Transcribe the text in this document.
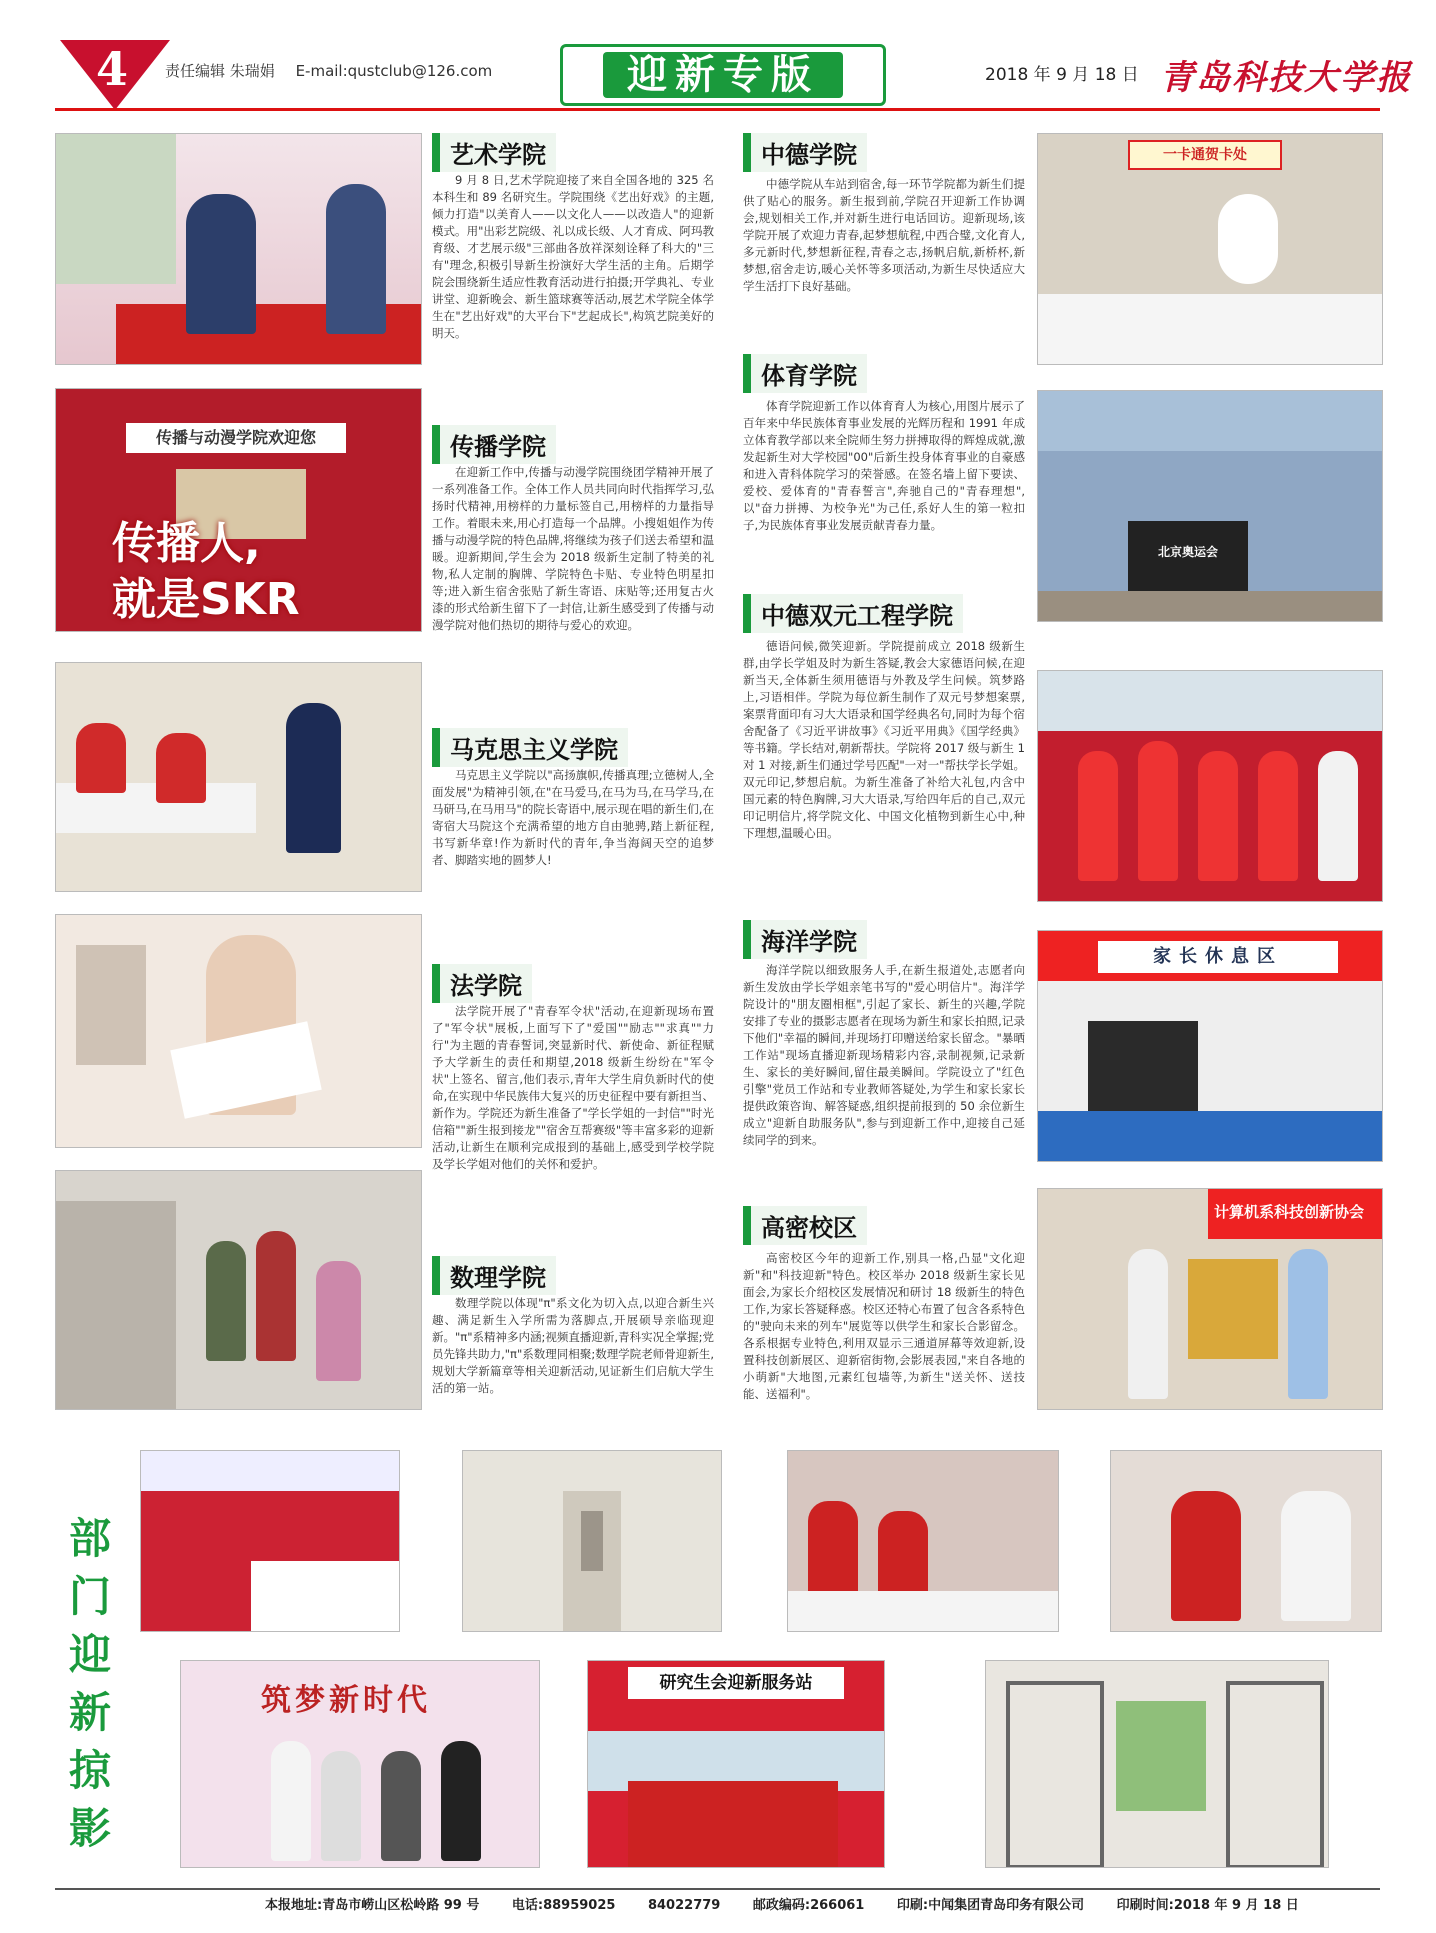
4 责任编辑 朱瑞娟 E-mail:qustclub@126.com	迎新专版	2018 年 9 月 18 日 青岛科技大学报
传播与动漫学院欢迎您
传播人,
就是SKR
一卡通贺卡处
北京奥运会
家长休息区
计算机系科技创新协会
艺术学院
9 月 8 日,艺术学院迎接了来自全国各地的 325 名本科生和 89 名研究生。学院围绕《艺出好戏》的主题,倾力打造"以美育人——以文化人——以改造人"的迎新模式。用"出彩艺院级、礼以成长级、人才育成、阿玛教育级、才艺展示级"三部曲各放祥深刻诠释了科大的"三有"理念,积极引导新生扮演好大学生活的主角。后期学院会围绕新生适应性教育活动进行拍摄;开学典礼、专业讲堂、迎新晚会、新生篮球赛等活动,展艺术学院全体学生在"艺出好戏"的大平台下"艺起成长",构筑艺院美好的明天。
传播学院
在迎新工作中,传播与动漫学院围绕团学精神开展了一系列准备工作。全体工作人员共同向时代指挥学习,弘扬时代精神,用榜样的力量标签自己,用榜样的力量指导工作。着眼未来,用心打造每一个品牌。小搜姐姐作为传播与动漫学院的特色品牌,将继续为孩子们送去希望和温暖。迎新期间,学生会为 2018 级新生定制了特美的礼物,私人定制的胸牌、学院特色卡贴、专业特色明星扣等;进入新生宿舍张贴了新生寄语、床贴等;还用复古火漆的形式给新生留下了一封信,让新生感受到了传播与动漫学院对他们热切的期待与爱心的欢迎。
马克思主义学院
马克思主义学院以"高扬旗帜,传播真理;立德树人,全面发展"为精神引领,在"在马爱马,在马为马,在马学马,在马研马,在马用马"的院长寄语中,展示现在唱的新生们,在寄宿大马院这个充满希望的地方自由驰骋,踏上新征程,书写新华章!作为新时代的青年,争当海阔天空的追梦者、脚踏实地的圆梦人!
法学院
法学院开展了"青春军令状"活动,在迎新现场布置了"军令状"展板,上面写下了"爱国""励志""求真""力行"为主题的青春誓词,突显新时代、新使命、新征程赋予大学新生的责任和期望,2018 级新生纷纷在"军令状"上签名、留言,他们表示,青年大学生肩负新时代的使命,在实现中华民族伟大复兴的历史征程中要有新担当、新作为。学院还为新生准备了"学长学姐的一封信""时光信箱""新生报到接龙""宿舍互帮赛级"等丰富多彩的迎新活动,让新生在顺利完成报到的基础上,感受到学校学院及学长学姐对他们的关怀和爱护。
数理学院
数理学院以体现"π"系文化为切入点,以迎合新生兴趣、满足新生入学所需为落脚点,开展硕导亲临现迎新。"π"系精神多内涵;视频直播迎新,青科实况全掌握;党员先锋共助力,"π"系数理同相聚;数理学院老师骨迎新生,规划大学新篇章等相关迎新活动,见证新生们启航大学生活的第一站。
中德学院
中德学院从车站到宿舍,每一环节学院都为新生们提供了贴心的服务。新生报到前,学院召开迎新工作协调会,规划相关工作,并对新生进行电话回访。迎新现场,该学院开展了欢迎力青春,起梦想航程,中西合璧,文化育人,多元新时代,梦想新征程,青春之志,扬帆启航,新桥杯,新梦想,宿舍走访,暖心关怀等多项活动,为新生尽快适应大学生活打下良好基础。
体育学院
体育学院迎新工作以体育育人为核心,用图片展示了百年来中华民族体育事业发展的光辉历程和 1991 年成立体育教学部以来全院师生努力拼搏取得的辉煌成就,激发起新生对大学校园"00"后新生投身体育事业的自豪感和进入青科体院学习的荣誉感。在签名墙上留下要读、爱校、爱体育的"青春誓言",奔驰自己的"青春理想",以"奋力拼搏、为校争光"为己任,系好人生的第一粒扣子,为民族体育事业发展贡献青春力量。
中德双元工程学院
德语问候,微笑迎新。学院提前成立 2018 级新生群,由学长学姐及时为新生答疑,教会大家德语问候,在迎新当天,全体新生须用德语与外教及学生问候。筑梦路上,习语相伴。学院为每位新生制作了双元号梦想案票,案票背面印有习大大语录和国学经典名句,同时为每个宿舍配备了《习近平讲故事》《习近平用典》《国学经典》等书籍。学长结对,朝新帮扶。学院将 2017 级与新生 1 对 1 对接,新生们通过学号匹配"一对一"帮扶学长学姐。双元印记,梦想启航。为新生准备了补给大礼包,内含中国元素的特色胸牌,习大大语录,写给四年后的自己,双元印记明信片,将学院文化、中国文化植物到新生心中,种下理想,温暖心田。
海洋学院
海洋学院以细致服务人手,在新生报道处,志愿者向新生发放由学长学姐亲笔书写的"爱心明信片"。海洋学院设计的"朋友圈相框",引起了家长、新生的兴趣,学院安排了专业的摄影志愿者在现场为新生和家长拍照,记录下他们"幸福的瞬间,并现场打印赠送给家长留念。"暴晒工作站"现场直播迎新现场精彩内容,录制视频,记录新生、家长的美好瞬间,留住最美瞬间。学院设立了"红色引擎"党员工作站和专业教师答疑处,为学生和家长家长提供政策咨询、解答疑惑,组织提前报到的 50 余位新生成立"迎新自助服务队",参与到迎新工作中,迎接自己延续同学的到来。
高密校区
高密校区今年的迎新工作,别具一格,凸显"文化迎新"和"科技迎新"特色。校区举办 2018 级新生家长见面会,为家长介绍校区发展情况和研讨 18 级新生的特色工作,为家长答疑释惑。校区还特心布置了包含各系特色的"驶向未来的列车"展览等以供学生和家长合影留念。各系根据专业特色,利用双显示三通道屏幕等效迎新,设置科技创新展区、迎新宿街物,会影展表园,"来自各地的小萌新"大地图,元素红包墙等,为新生"送关怀、送技能、送福利"。
部门迎新掠影
筑梦新时代	研究生会迎新服务站
本报地址:青岛市崂山区松岭路 99 号	电话:88959025	84022779	邮政编码:266061	印刷:中闻集团青岛印务有限公司	印刷时间:2018 年 9 月 18 日
